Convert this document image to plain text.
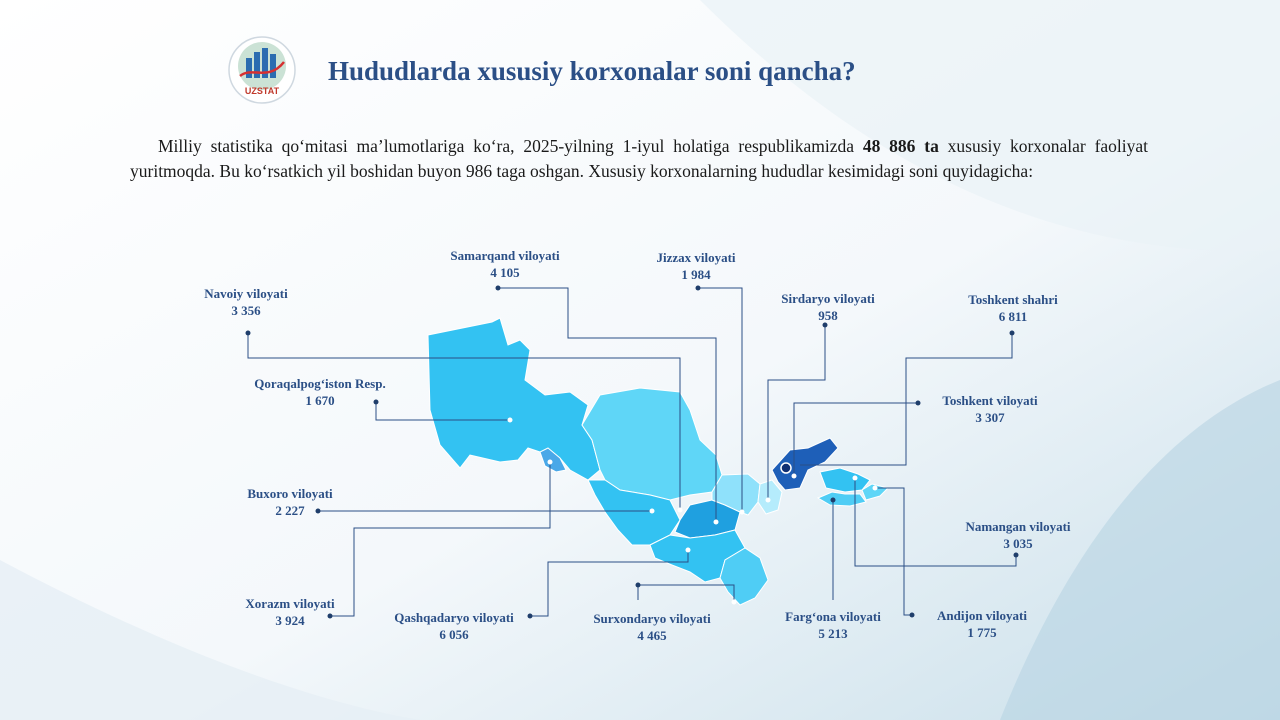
UZSTAT
Hududlarda xususiy korxonalar soni qancha?

Milliy statistika qo‘mitasi ma’lumotlariga ko‘ra, 2025-yilning 1-iyul holatiga respublikamizda 48 886 ta xususiy korxonalar faoliyat yuritmoqda. Bu ko‘rsatkich yil boshidan buyon 986 taga oshgan. Xususiy korxonalarning hududlar kesimidagi soni quyidagicha:

Samarqand viloyati
4 105
Jizzax viloyati
1 984
Navoiy viloyati
3 356
Sirdaryo viloyati
958
Toshkent shahri
6 811
Qoraqalpog‘iston Resp.
1 670	Toshkent viloyati
3 307
Buxoro viloyati
2 227
Namangan viloyati
3 035
Xorazm viloyati
3 924	Qashqadaryo viloyati
6 056
Surxondaryo viloyati
4 465
Farg‘ona viloyati
5 213
Andijon viloyati
1 775
